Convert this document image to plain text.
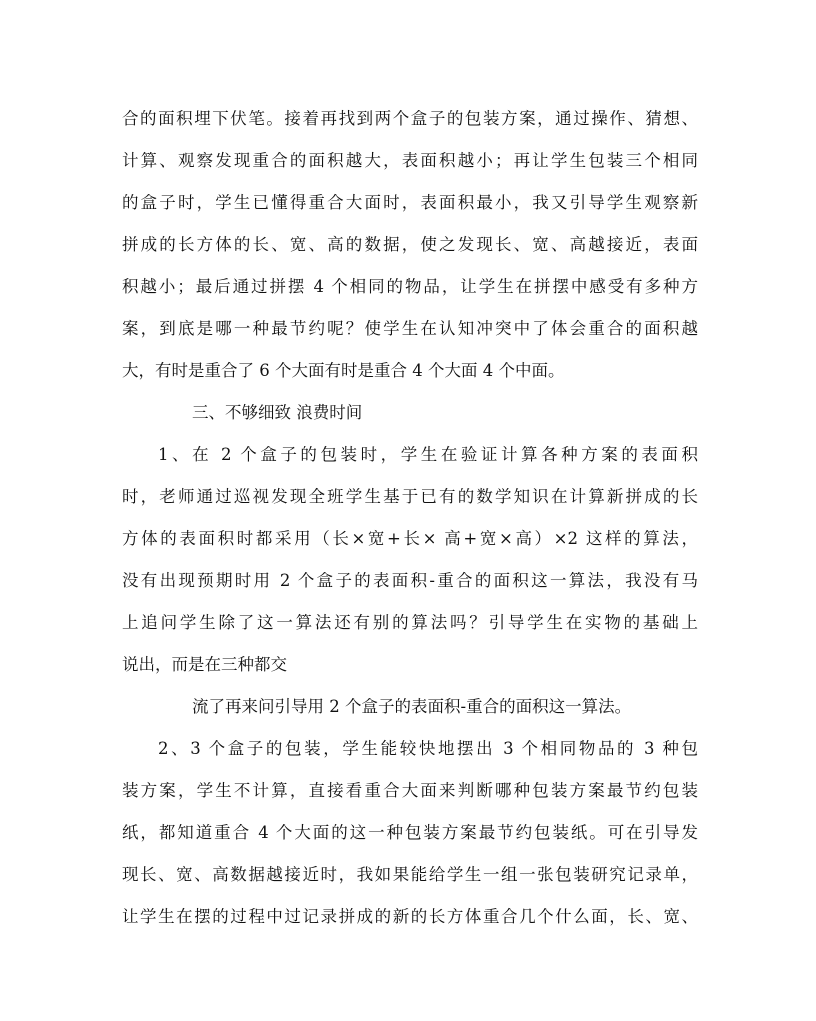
合的面积埋下伏笔。接着再找到两个盒子的包装方案，通过操作、猜想、
计算、观察发现重合的面积越大，表面积越小；再让学生包装三个相同
的盒子时，学生已懂得重合大面时，表面积最小，我又引导学生观察新
拼成的长方体的长、宽、高的数据，使之发现长、宽、高越接近，表面
积越小；最后通过拼摆 4 个相同的物品，让学生在拼摆中感受有多种方
案，到底是哪一种最节约呢？使学生在认知冲突中了体会重合的面积越
大，有时是重合了 6 个大面有时是重合 4 个大面 4 个中面。
三、不够细致 浪费时间
1、在 2 个盒子的包装时，学生在验证计算各种方案的表面积
时，老师通过巡视发现全班学生基于已有的数学知识在计算新拼成的长
方体的表面积时都采用（长×宽+长× 高+宽×高）×2 这样的算法，
没有出现预期时用 2 个盒子的表面积-重合的面积这一算法，我没有马
上追问学生除了这一算法还有别的算法吗？引导学生在实物的基础上
说出，而是在三种都交
流了再来问引导用 2 个盒子的表面积-重合的面积这一算法。
2、3 个盒子的包装，学生能较快地摆出 3 个相同物品的 3 种包
装方案，学生不计算，直接看重合大面来判断哪种包装方案最节约包装
纸，都知道重合 4 个大面的这一种包装方案最节约包装纸。可在引导发
现长、宽、高数据越接近时，我如果能给学生一组一张包装研究记录单，
让学生在摆的过程中过记录拼成的新的长方体重合几个什么面，长、宽、
